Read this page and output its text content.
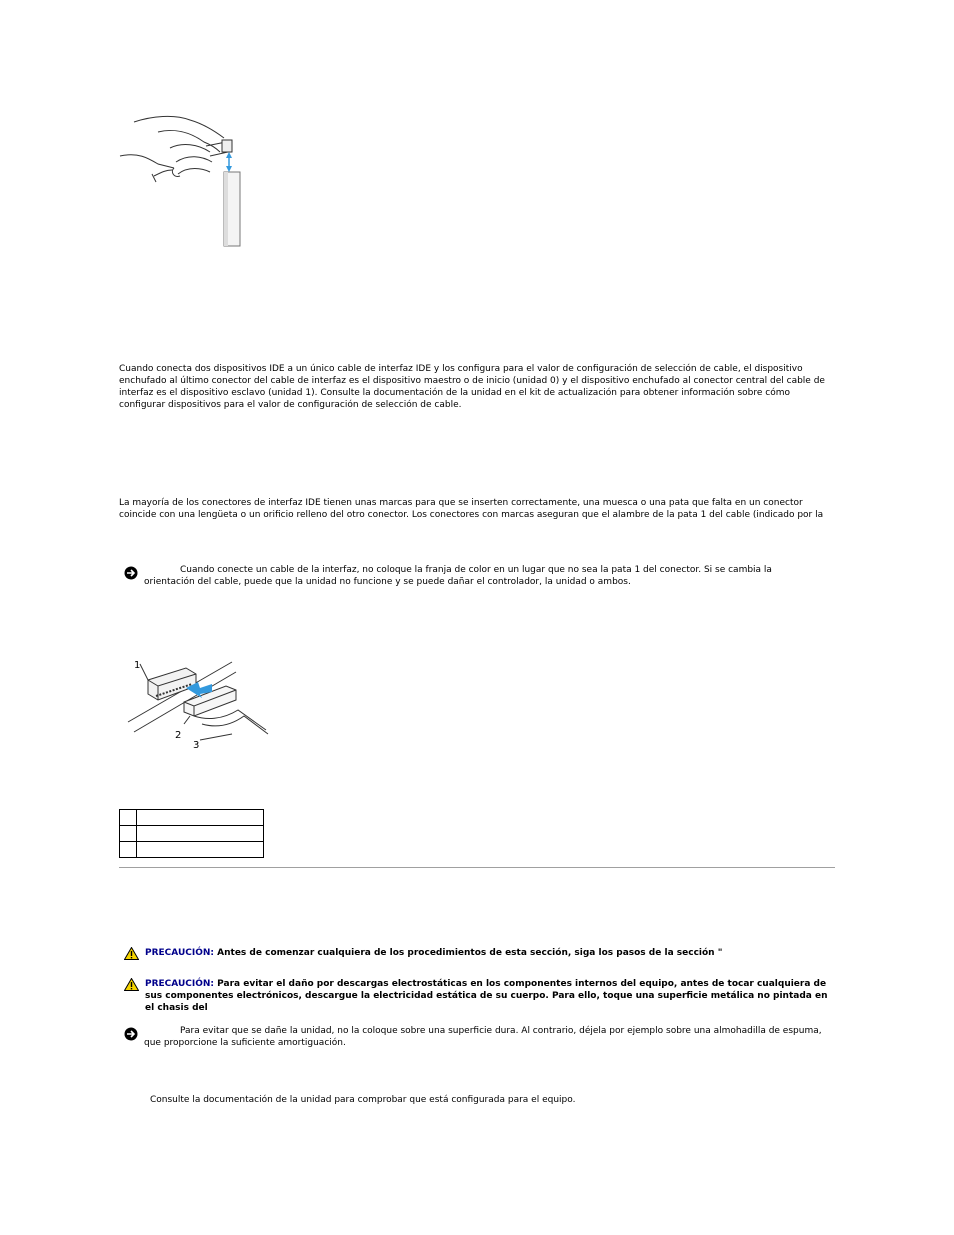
Cuando conecta dos dispositivos IDE a un único cable de interfaz IDE y los configura para el valor de configuración de selección de cable, el dispositivo enchufado al último conector del cable de interfaz es el dispositivo maestro o de inicio (unidad 0) y el dispositivo enchufado al conector central del cable de interfaz es el dispositivo esclavo (unidad 1). Consulte la documentación de la unidad en el kit de actualización para obtener información sobre cómo configurar dispositivos para el valor de configuración de selección de cable.

La mayoría de los conectores de interfaz IDE tienen unas marcas para que se inserten correctamente, una muesca o una pata que falta en un conector coincide con una lengüeta o un orificio relleno del otro conector. Los conectores con marcas aseguran que el alambre de la pata 1 del cable (indicado por la

Cuando conecte un cable de la interfaz, no coloque la franja de color en un lugar que no sea la pata 1 del conector. Si se cambia la orientación del cable, puede que la unidad no funcione y se puede dañar el controlador, la unidad o ambos.

1
2
3

PRECAUCIÓN: Antes de comenzar cualquiera de los procedimientos de esta sección, siga los pasos de la sección "

PRECAUCIÓN: Para evitar el daño por descargas electrostáticas en los componentes internos del equipo, antes de tocar cualquiera de sus componentes electrónicos, descargue la electricidad estática de su cuerpo. Para ello, toque una superficie metálica no pintada en el chasis del

Para evitar que se dañe la unidad, no la coloque sobre una superficie dura. Al contrario, déjela por ejemplo sobre una almohadilla de espuma, que proporcione la suficiente amortiguación.

Consulte la documentación de la unidad para comprobar que está configurada para el equipo.
